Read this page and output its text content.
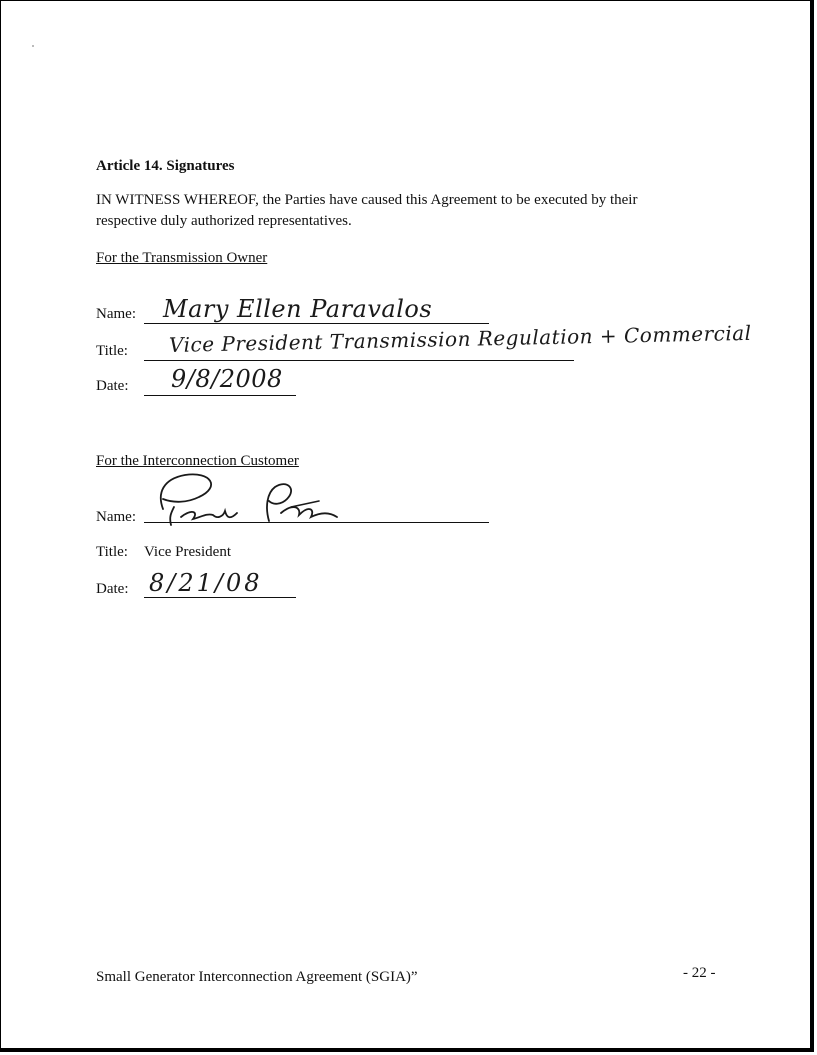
Article 14. Signatures
IN WITNESS WHEREOF, the Parties have caused this Agreement to be executed by their
respective duly authorized representatives.
For the Transmission Owner
Name: Mary Ellen Paravalos
Title: Vice President Transmission Regulation + Commercial
Date: 9/8/2008
For the Interconnection Customer
Name:
Title: Vice President
Date: 8/21/08
Small Generator Interconnection Agreement (SGIA)”	- 22 -
